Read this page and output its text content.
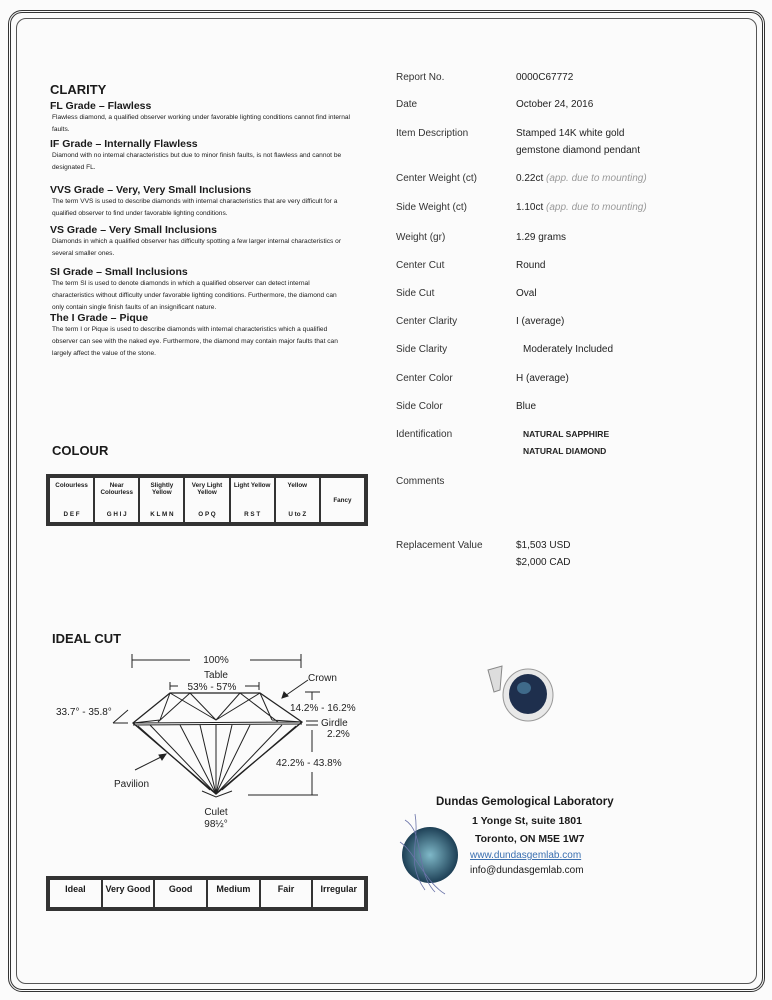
CLARITY
FL Grade – Flawless
Flawless diamond, a qualified observer working under favorable lighting conditions cannot find internal faults.
IF Grade – Internally Flawless
Diamond with no internal characteristics but due to minor finish faults, is not flawless and cannot be designated FL.
VVS Grade – Very, Very Small Inclusions
The term VVS is used to describe diamonds with internal characteristics that are very difficult for a qualified observer to find under favorable lighting conditions.
VS Grade – Very Small Inclusions
Diamonds in which a qualified observer has difficulty spotting a few larger internal characteristics or several smaller ones.
SI Grade – Small Inclusions
The term SI is used to denote diamonds in which a qualified observer can detect internal characteristics without difficulty under favorable lighting conditions. Furthermore, the diamond can only contain single finish faults of an insignificant nature.
The I Grade – Pique
The term I or Pique is used to describe diamonds with internal characteristics which a qualified observer can see with the naked eye. Furthermore, the diamond may contain major faults that can largely affect the value of the stone.
COLOUR
Colourless
D E F
Near Colourless
G H I J
Slightly Yellow
K L M N
Very Light Yellow
O P Q
Light Yellow
R S T
Yellow
U to Z
Fancy
IDEAL CUT
100%
Table
53% - 57%
Crown
33.7° - 35.8°	14.2% - 16.2%
Girdle
2.2%
42.2% - 43.8%
Pavilion
Culet
98½°
Ideal	Very Good	Good	Medium	Fair	Irregular
Report No.	0000C67772
Date	October 24, 2016
Item Description	Stamped 14K white gold
gemstone diamond pendant
Center Weight (ct)	0.22ct (app. due to mounting)
Side Weight (ct)	1.10ct (app. due to mounting)
Weight (gr)	1.29 grams
Center Cut	Round
Side Cut	Oval
Center Clarity	I (average)
Side Clarity	Moderately Included
Center Color	H (average)
Side Color	Blue
Identification	NATURAL SAPPHIRE
NATURAL DIAMOND
Comments
Replacement Value	$1,503 USD
$2,000 CAD
Dundas Gemological Laboratory
1 Yonge St, suite 1801
Toronto, ON M5E 1W7
www.dundasgemlab.com
info@dundasgemlab.com
